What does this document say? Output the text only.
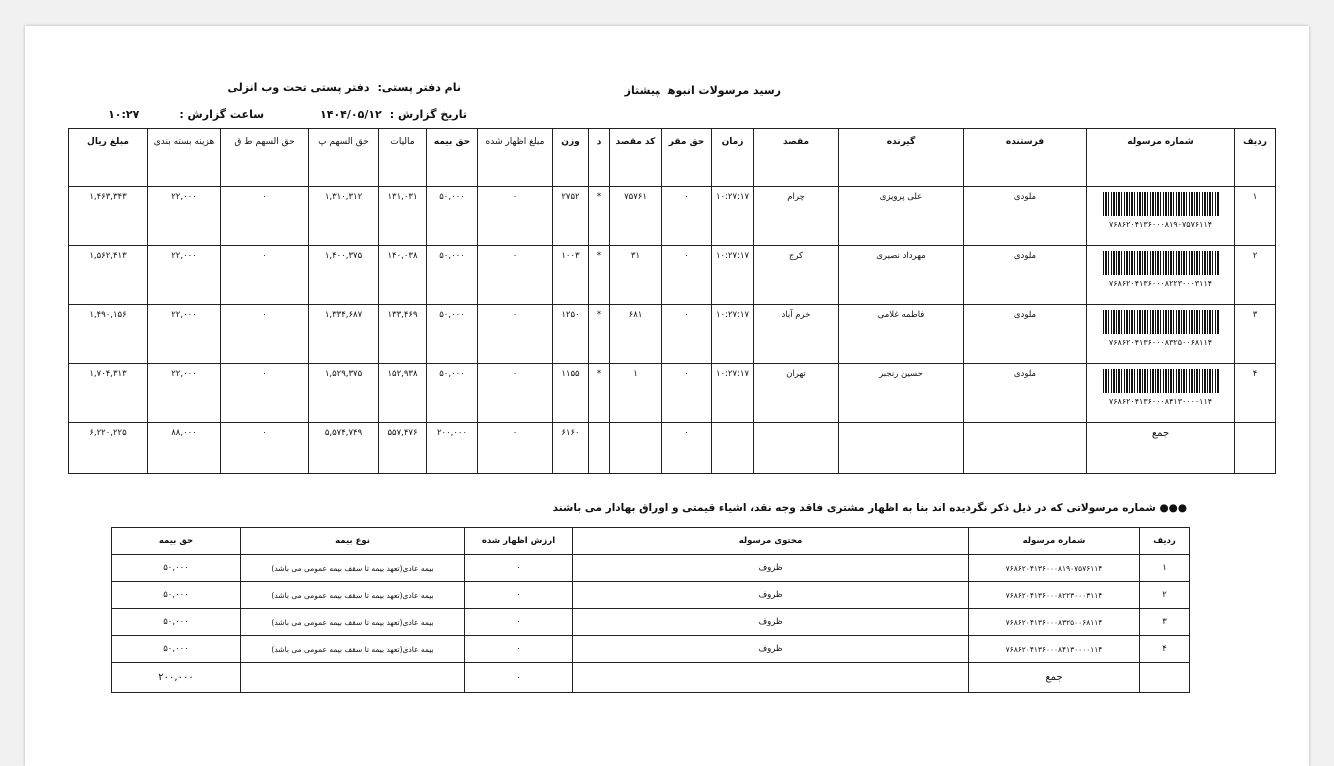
نام دفتر پستی:دفتر پستی تحت وب انزلی	رسید مرسولات انبوهپیشتاز
تاریخ گزارش :۱۴۰۴/۰۵/۱۲ساعت گزارش :۱۰:۲۷
ردیف	شماره مرسوله	فرستنده	گیرنده	مقصد	زمان	حق مقر	کد مقصد	د	وزن	مبلغ اظهار شده	حق بیمه	مالیات	حق السهم پ	حق السهم ط ق	هزینه بسته بندی	مبلغ ریال
۱	۷۶۸۶۲۰۴۱۳۶۰۰۰۸۱۹۰۷۵۷۶۱۱۴	ملودی	علی پرویزی	چرام	۱۰:۲۷:۱۷	۰	۷۵۷۶۱	*	۲۷۵۲	۰	۵۰,۰۰۰	۱۳۱,۰۳۱	۱,۳۱۰,۳۱۲	۰	۲۲,۰۰۰	۱,۴۶۳,۳۴۳
۲	۷۶۸۶۲۰۴۱۳۶۰۰۰۸۲۲۳۰۰۰۳۱۱۴	ملودی	مهرداد نصیری	کرج	۱۰:۲۷:۱۷	۰	۳۱	*	۱۰۰۳	۰	۵۰,۰۰۰	۱۴۰,۰۳۸	۱,۴۰۰,۳۷۵	۰	۲۲,۰۰۰	۱,۵۶۲,۴۱۳
۳	۷۶۸۶۲۰۴۱۳۶۰۰۰۸۳۲۵۰۰۶۸۱۱۴	ملودی	فاطمه غلامی	خرم آباد	۱۰:۲۷:۱۷	۰	۶۸۱	*	۱۲۵۰	۰	۵۰,۰۰۰	۱۳۳,۴۶۹	۱,۳۳۴,۶۸۷	۰	۲۲,۰۰۰	۱,۴۹۰,۱۵۶
۴	۷۶۸۶۲۰۴۱۳۶۰۰۰۸۴۱۳۰۰۰۰۱۱۴	ملودی	حسین رنجبر	تهران	۱۰:۲۷:۱۷	۰	۱	*	۱۱۵۵	۰	۵۰,۰۰۰	۱۵۲,۹۳۸	۱,۵۲۹,۳۷۵	۰	۲۲,۰۰۰	۱,۷۰۴,۳۱۳
	جمع					۰			۶۱۶۰	۰	۲۰۰,۰۰۰	۵۵۷,۴۷۶	۵,۵۷۴,۷۴۹	۰	۸۸,۰۰۰	۶,۲۲۰,۲۲۵
●●● شماره مرسولاتی که در ذیل ذکر نگردیده اند بنا به اظهار مشتری فاقد وجه نقد، اشیاء قیمتی و اوراق بهادار می باشند
ردیف	شماره مرسوله	محتوی مرسوله	ارزش اظهار شده	نوع بیمه	حق بیمه
۱	۷۶۸۶۲۰۴۱۳۶۰۰۰۸۱۹۰۷۵۷۶۱۱۴	ظروف	۰	بیمه عادی(تعهد بیمه تا سقف بیمه عمومی می باشد)	۵۰,۰۰۰
۲	۷۶۸۶۲۰۴۱۳۶۰۰۰۸۲۲۳۰۰۰۳۱۱۴	ظروف	۰	بیمه عادی(تعهد بیمه تا سقف بیمه عمومی می باشد)	۵۰,۰۰۰
۳	۷۶۸۶۲۰۴۱۳۶۰۰۰۸۳۲۵۰۰۶۸۱۱۴	ظروف	۰	بیمه عادی(تعهد بیمه تا سقف بیمه عمومی می باشد)	۵۰,۰۰۰
۴	۷۶۸۶۲۰۴۱۳۶۰۰۰۸۴۱۳۰۰۰۰۱۱۴	ظروف	۰	بیمه عادی(تعهد بیمه تا سقف بیمه عمومی می باشد)	۵۰,۰۰۰
	جمع		۰		۲۰۰,۰۰۰
